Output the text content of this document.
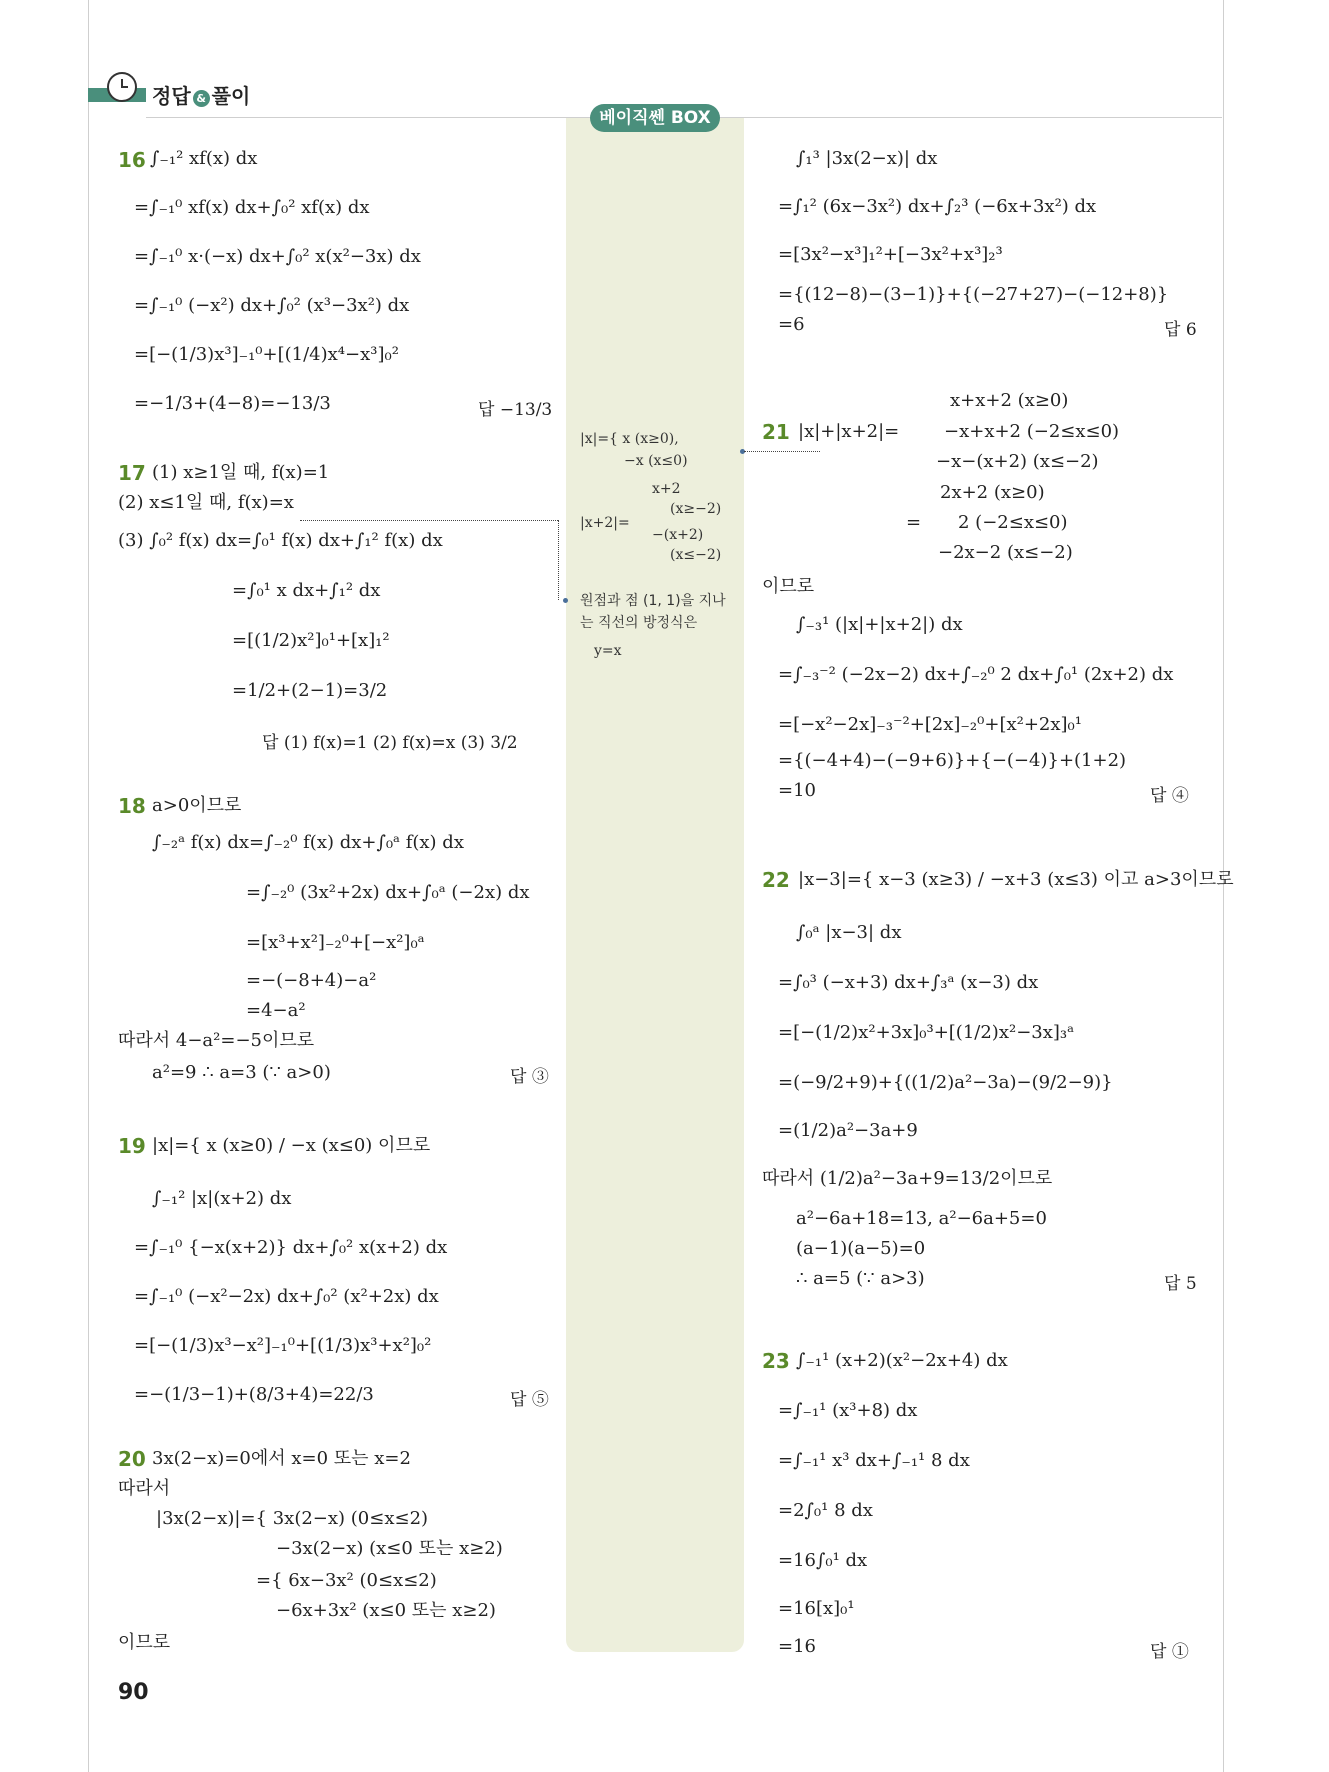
정답 & 풀이
베이직쎈 BOX
16 ∫₋₁² xf(x) dx
=∫₋₁⁰ xf(x) dx+∫₀² xf(x) dx
=∫₋₁⁰ x·(−x) dx+∫₀² x(x²−3x) dx
=∫₋₁⁰ (−x²) dx+∫₀² (x³−3x²) dx
=[−(1/3)x³]₋₁⁰+[(1/4)x⁴−x³]₀²
=−1/3+(4−8)=−13/3	답 −13/3
17 (1) x≥1일 때, f(x)=1
(2) x≤1일 때, f(x)=x
(3) ∫₀² f(x) dx=∫₀¹ f(x) dx+∫₁² f(x) dx
=∫₀¹ x dx+∫₁² dx
=[(1/2)x²]₀¹+[x]₁²
=1/2+(2−1)=3/2
답 (1) f(x)=1 (2) f(x)=x (3) 3/2
18 a>0이므로
∫₋₂ᵃ f(x) dx=∫₋₂⁰ f(x) dx+∫₀ᵃ f(x) dx
=∫₋₂⁰ (3x²+2x) dx+∫₀ᵃ (−2x) dx
=[x³+x²]₋₂⁰+[−x²]₀ᵃ
=−(−8+4)−a²
=4−a²
따라서 4−a²=−5이므로
a²=9 ∴ a=3 (∵ a>0)	답 ③
19 |x|={ x (x≥0) / −x (x≤0) 이므로
∫₋₁² |x|(x+2) dx
=∫₋₁⁰ {−x(x+2)} dx+∫₀² x(x+2) dx
=∫₋₁⁰ (−x²−2x) dx+∫₀² (x²+2x) dx
=[−(1/3)x³−x²]₋₁⁰+[(1/3)x³+x²]₀²
=−(1/3−1)+(8/3+4)=22/3	답 ⑤
20 3x(2−x)=0에서 x=0 또는 x=2
따라서
|3x(2−x)|={ 3x(2−x) (0≤x≤2)
−3x(2−x) (x≤0 또는 x≥2)
={ 6x−3x² (0≤x≤2)
−6x+3x² (x≤0 또는 x≥2)
이므로
90
|x|={ x (x≥0),
−x (x≤0)
|x+2|=
x+2
(x≥−2)
−(x+2)
(x≤−2)
원점과 점 (1, 1)을 지나
는 직선의 방정식은
y=x
∫₁³ |3x(2−x)| dx
=∫₁² (6x−3x²) dx+∫₂³ (−6x+3x²) dx
=[3x²−x³]₁²+[−3x²+x³]₂³
={(12−8)−(3−1)}+{(−27+27)−(−12+8)}
=6	답 6
21 |x|+|x+2|=
x+x+2 (x≥0)
−x+x+2 (−2≤x≤0)
−x−(x+2) (x≤−2)
=
2x+2 (x≥0)
2 (−2≤x≤0)
−2x−2 (x≤−2)
이므로
∫₋₃¹ (|x|+|x+2|) dx
=∫₋₃⁻² (−2x−2) dx+∫₋₂⁰ 2 dx+∫₀¹ (2x+2) dx
=[−x²−2x]₋₃⁻²+[2x]₋₂⁰+[x²+2x]₀¹
={(−4+4)−(−9+6)}+{−(−4)}+(1+2)
=10	답 ④
22 |x−3|={ x−3 (x≥3) / −x+3 (x≤3) 이고 a>3이므로
∫₀ᵃ |x−3| dx
=∫₀³ (−x+3) dx+∫₃ᵃ (x−3) dx
=[−(1/2)x²+3x]₀³+[(1/2)x²−3x]₃ᵃ
=(−9/2+9)+{((1/2)a²−3a)−(9/2−9)}
=(1/2)a²−3a+9
따라서 (1/2)a²−3a+9=13/2이므로
a²−6a+18=13, a²−6a+5=0
(a−1)(a−5)=0
∴ a=5 (∵ a>3)	답 5
23 ∫₋₁¹ (x+2)(x²−2x+4) dx
=∫₋₁¹ (x³+8) dx
=∫₋₁¹ x³ dx+∫₋₁¹ 8 dx
=2∫₀¹ 8 dx
=16∫₀¹ dx
=16[x]₀¹
=16	답 ①
